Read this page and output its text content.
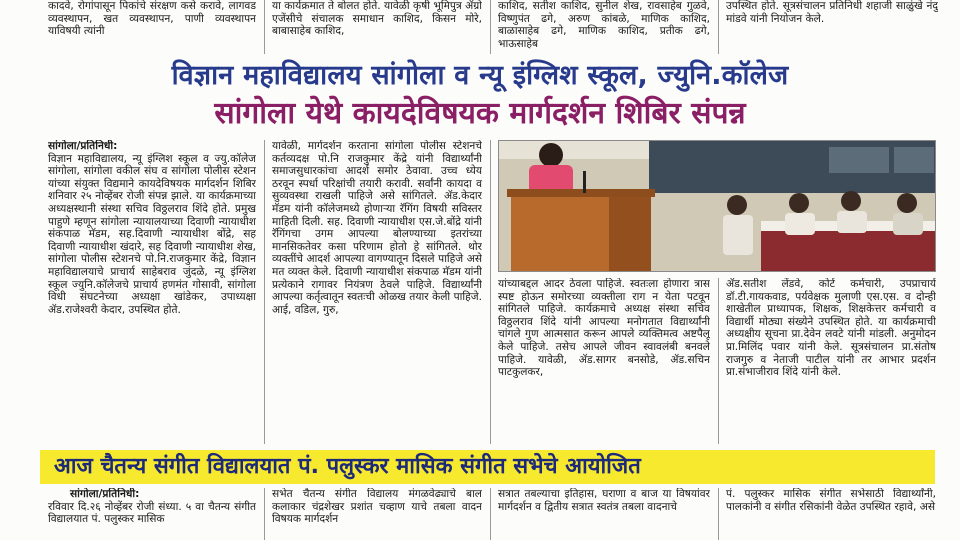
कादवे, रोगांपासून पिकांचे संरक्षण कसे करावे, लागवड व्यवस्थापन, खत व्यवस्थापन, पाणी व्यवस्थापन याविषयी त्यांनी
या कार्यक्रमात ते बोलत होते. यावेळी कृषी भूमिपुत्र ॲग्रो एजेंसीचे संचालक समाधान काशिद, किसन मोरे, बाबासाहेब काशिद,
काशिद, सतीश काशिद, सुनील शेख, रावसाहेब गुळवे, विष्णुपंत ढगे, अरुण कांबळे, माणिक काशिद, बाळासाहेब ढगे, माणिक काशिद, प्रतीक ढगे, भाऊसाहेब
उपस्थित होते. सूत्रसंचालन प्रतिनिधी शहाजी साळुंखे नंदु मांडवे यांनी नियोजन केले.
विज्ञान महाविद्यालय सांगोला व न्यू इंग्लिश स्कूल, ज्युनि.कॉलेज
सांगोला येथे कायदेविषयक मार्गदर्शन शिबिर संपन्न

सांगोला/प्रतिनिधी:

विज्ञान महाविद्यालय, न्यू इंग्लिश स्कूल व ज्यु.कॉलेज सांगोला, सांगोला वकील संघ व सांगोला पोलीस स्टेशन यांच्या संयुक्त विद्यमाने कायदेविषयक मार्गदर्शन शिबिर शनिवार २५ नोव्हेंबर रोजी संपन्न झाले. या कार्यक्रमाच्या अध्यक्षस्थानी संस्था सचिव विठ्ठलराव शिंदे होते. प्रमुख पाहुणे म्हणून सांगोला न्यायालयाच्या दिवाणी न्यायाधीश संकपाळ मॅडम, सह.दिवाणी न्यायाधीश बोंद्रे, सह दिवाणी न्यायाधीश खंदारे, सह दिवाणी न्यायाधीश शेख, सांगोला पोलीस स्टेशनचे पो.नि.राजकुमार केंद्रे, विज्ञान महाविद्यालयाचे प्राचार्य साहेबराव जुंदळे, न्यू इंग्लिश स्कूल ज्युनि.कॉलेजचे प्राचार्य हणमंत गोसावी, सांगोला विधी संघटनेच्या अध्यक्षा खांडेकर, उपाध्यक्षा ॲड.राजेश्वरी केदार, उपस्थित होते.

यावेळी, मार्गदर्शन करताना सांगोला पोलीस स्टेशनचे कर्तव्यदक्ष पो.नि राजकुमार केंद्रे यांनी विद्यार्थ्यांनी समाजसुधारकांचा आदर्श समोर ठेवावा. उच्च ध्येय ठरवून स्पर्धा परिक्षांची तयारी करावी. सर्वांनी कायदा व सुव्यवस्था राखली पाहिजे असे सांगितले. ॲड.केदार मॅडम यांनी कॉलेजमध्ये होणाऱ्या रॅगिंग विषयी सविस्तर माहिती दिली. सह. दिवाणी न्यायाधीश एस.जे.बोंद्रे यांनी रॅगिंगचा उगम आपल्या बोलण्याच्या इतरांच्या मानसिकतेवर कसा परिणाम होतो हे सांगितले. थोर व्यक्तींचे आदर्श आपल्या वागण्यातून दिसले पाहिजे असे मत व्यक्त केले. दिवाणी न्यायाधीश संकपाळ मॅडम यांनी प्रत्येकाने रागावर नियंत्रण ठेवले पाहिजे. विद्यार्थ्यांनी आपल्या कर्तृत्वातून स्वतःची ओळख तयार केली पाहिजे. आई, वडिल, गुरु,
यांच्याबद्दल आदर ठेवला पाहिजे. स्वतःला होणारा त्रास स्पष्ट होऊन समोरच्या व्यक्तीला राग न येता पटवून सांगितले पाहिजे. कार्यक्रमाचे अध्यक्ष संस्था सचिव विठ्ठलराव शिंदे यांनी आपल्या मनोगतात विद्यार्थ्यांनी चांगले गुण आत्मसात करून आपले व्यक्तिमत्व अष्टपैलू केले पाहिजे. तसेच आपले जीवन स्वावलंबी बनवले पाहिजे. यावेळी, ॲड.सागर बनसोडे, ॲड.सचिन पाटकुलकर,
ॲड.सतीश लेंडवे, कोर्ट कर्मचारी, उपप्राचार्य डॉ.टी.गायकवाड, पर्यवेक्षक मुलाणी एस.एस. व दोन्ही शाखेतील प्राध्यापक, शिक्षक, शिक्षकेत्तर कर्मचारी व विद्यार्थी मोठ्या संख्येने उपस्थित होते. या कार्यक्रमाची अध्यक्षीय सूचना प्रा.देवेन लवटे यांनी मांडली. अनुमोदन प्रा.मिलिंद पवार यांनी केले. सूत्रसंचालन प्रा.संतोष राजगुरु व नेताजी पाटील यांनी तर आभार प्रदर्शन प्रा.संभाजीराव शिंदे यांनी केले.
आज चैतन्य संगीत विद्यालयात पं. पलुस्कर मासिक संगीत सभेचे आयोजित

सांगोला/प्रतिनिधी:

रविवार दि.२६ नोव्हेंबर रोजी संध्या. ५ वा चैतन्य संगीत विद्यालयात पं. पलुस्कर मासिक

सभेत चैतन्य संगीत विद्यालय मंगळवेढ्याचे बाल कलाकार चंद्रशेखर प्रशांत चव्हाण याचे तबला वादन विषयक मार्गदर्शन
सत्रात तबल्याचा इतिहास, घराणा व बाज या विषयांवर मार्गदर्शन व द्वितीय सत्रात स्वतंत्र तबला वादनाचे
पं. पलुस्कर मासिक संगीत सभेसाठी विद्यार्थ्यांनी, पालकांनी व संगीत रसिकांनी वेळेत उपस्थित रहावे, असे
